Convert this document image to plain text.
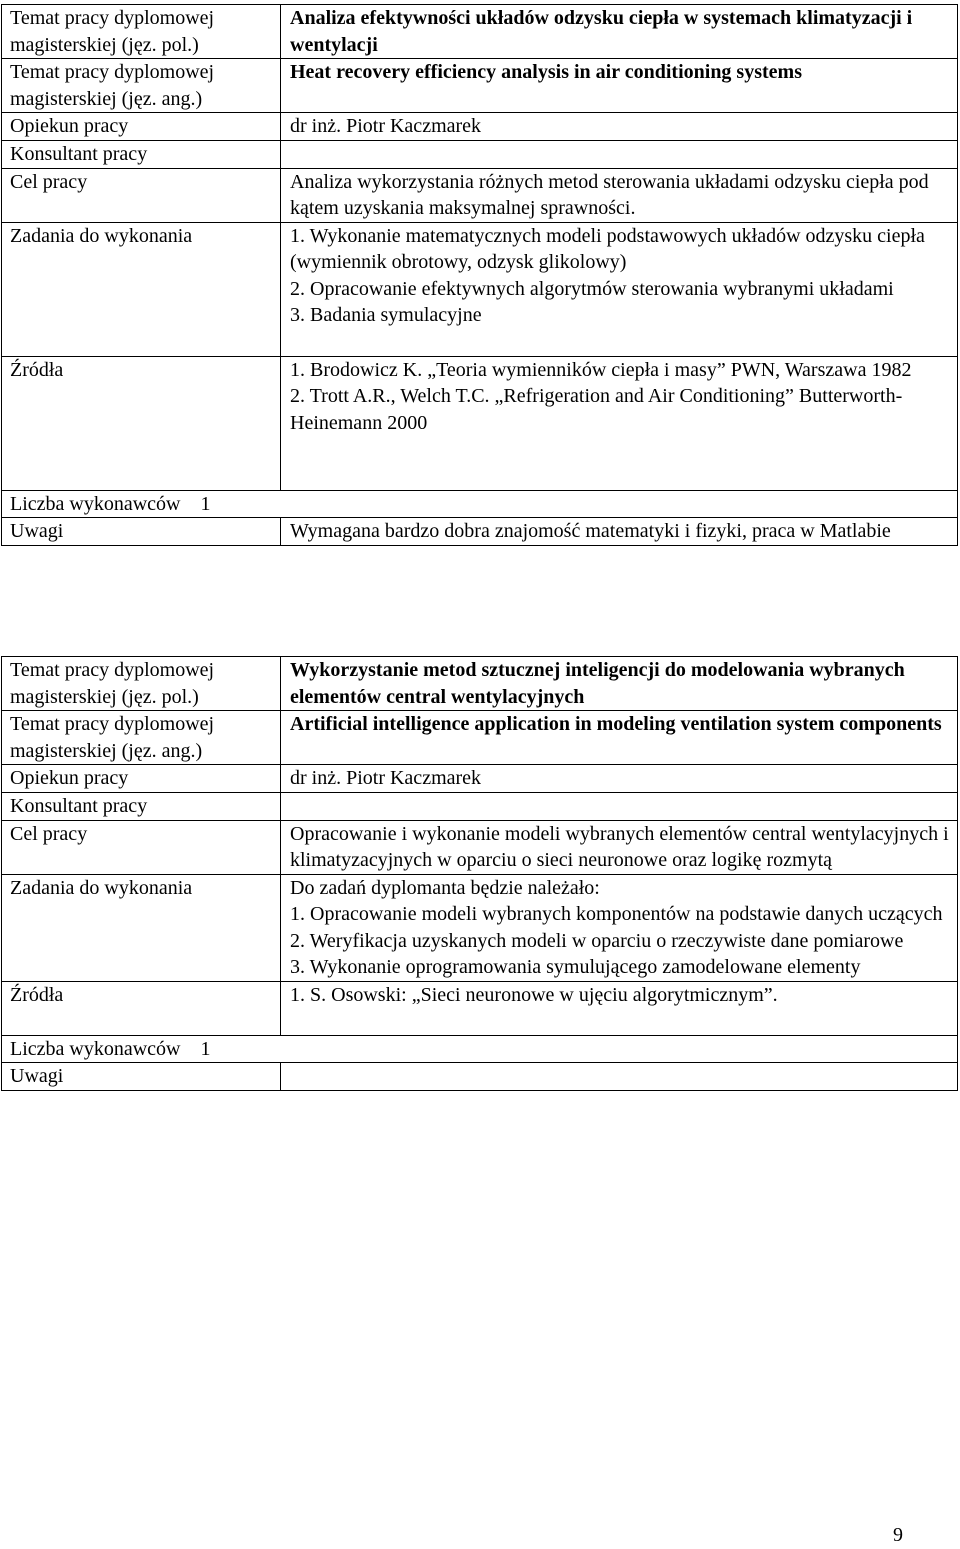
Temat pracy dyplomowej magisterskiej (jęz. pol.)	Analiza efektywności układów odzysku ciepła w systemach klimatyzacji i wentylacji
Temat pracy dyplomowej magisterskiej (jęz. ang.)	Heat recovery efficiency analysis in air conditioning systems
Opiekun pracy	dr inż. Piotr Kaczmarek
Konsultant pracy	
Cel pracy	Analiza wykorzystania różnych metod sterowania układami odzysku ciepła pod kątem uzyskania maksymalnej sprawności.
Zadania do wykonania	1. Wykonanie matematycznych modeli podstawowych układów odzysku ciepła (wymiennik obrotowy, odzysk glikolowy)
2. Opracowanie efektywnych algorytmów sterowania wybranymi układami
3. Badania symulacyjne

Źródła	1. Brodowicz K. „Teoria wymienników ciepła i masy” PWN, Warszawa 1982
2. Trott A.R., Welch T.C. „Refrigeration and Air Conditioning” Butterworth-Heinemann 2000

Liczba wykonawców 1	
Uwagi	Wymagana bardzo dobra znajomość matematyki i fizyki, praca w Matlabie
Temat pracy dyplomowej magisterskiej (jęz. pol.)	Wykorzystanie metod sztucznej inteligencji do modelowania wybranych elementów central wentylacyjnych
Temat pracy dyplomowej magisterskiej (jęz. ang.)	Artificial intelligence application in modeling ventilation system components
Opiekun pracy	dr inż. Piotr Kaczmarek
Konsultant pracy	
Cel pracy	Opracowanie i wykonanie modeli wybranych elementów central wentylacyjnych i klimatyzacyjnych w oparciu o sieci neuronowe oraz logikę rozmytą
Zadania do wykonania	Do zadań dyplomanta będzie należało:
1. Opracowanie modeli wybranych komponentów na podstawie danych uczących
2. Weryfikacja uzyskanych modeli w oparciu o rzeczywiste dane pomiarowe
3. Wykonanie oprogramowania symulującego zamodelowane elementy

Źródła	1. S. Osowski: „Sieci neuronowe w ujęciu algorytmicznym”.

Liczba wykonawców 1	
Uwagi	
9
